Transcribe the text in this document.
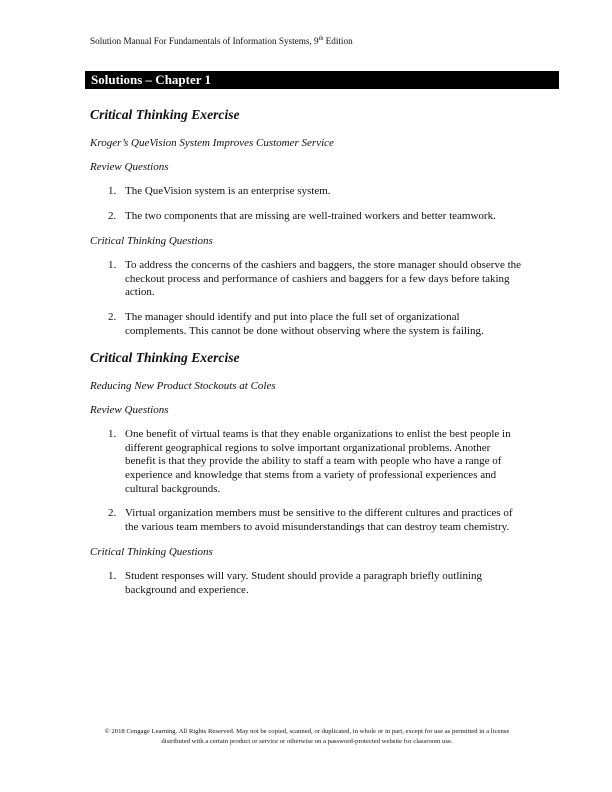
Solution Manual For Fundamentals of Information Systems, 9th Edition
Solutions – Chapter 1
Critical Thinking Exercise
Kroger’s QueVision System Improves Customer Service
Review Questions
1. The QueVision system is an enterprise system.
2. The two components that are missing are well-trained workers and better teamwork.
Critical Thinking Questions
1. To address the concerns of the cashiers and baggers, the store manager should observe the checkout process and performance of cashiers and baggers for a few days before taking action.
2. The manager should identify and put into place the full set of organizational complements. This cannot be done without observing where the system is failing.
Critical Thinking Exercise
Reducing New Product Stockouts at Coles
Review Questions
1. One benefit of virtual teams is that they enable organizations to enlist the best people in different geographical regions to solve important organizational problems. Another benefit is that they provide the ability to staff a team with people who have a range of experience and knowledge that stems from a variety of professional experiences and cultural backgrounds.
2. Virtual organization members must be sensitive to the different cultures and practices of the various team members to avoid misunderstandings that can destroy team chemistry.
Critical Thinking Questions
1. Student responses will vary. Student should provide a paragraph briefly outlining background and experience.
© 2018 Cengage Learning. All Rights Reserved. May not be copied, scanned, or duplicated, in whole or in part, except for use as permitted in a license distributed with a certain product or service or otherwise on a password-protected website for classroom use.
